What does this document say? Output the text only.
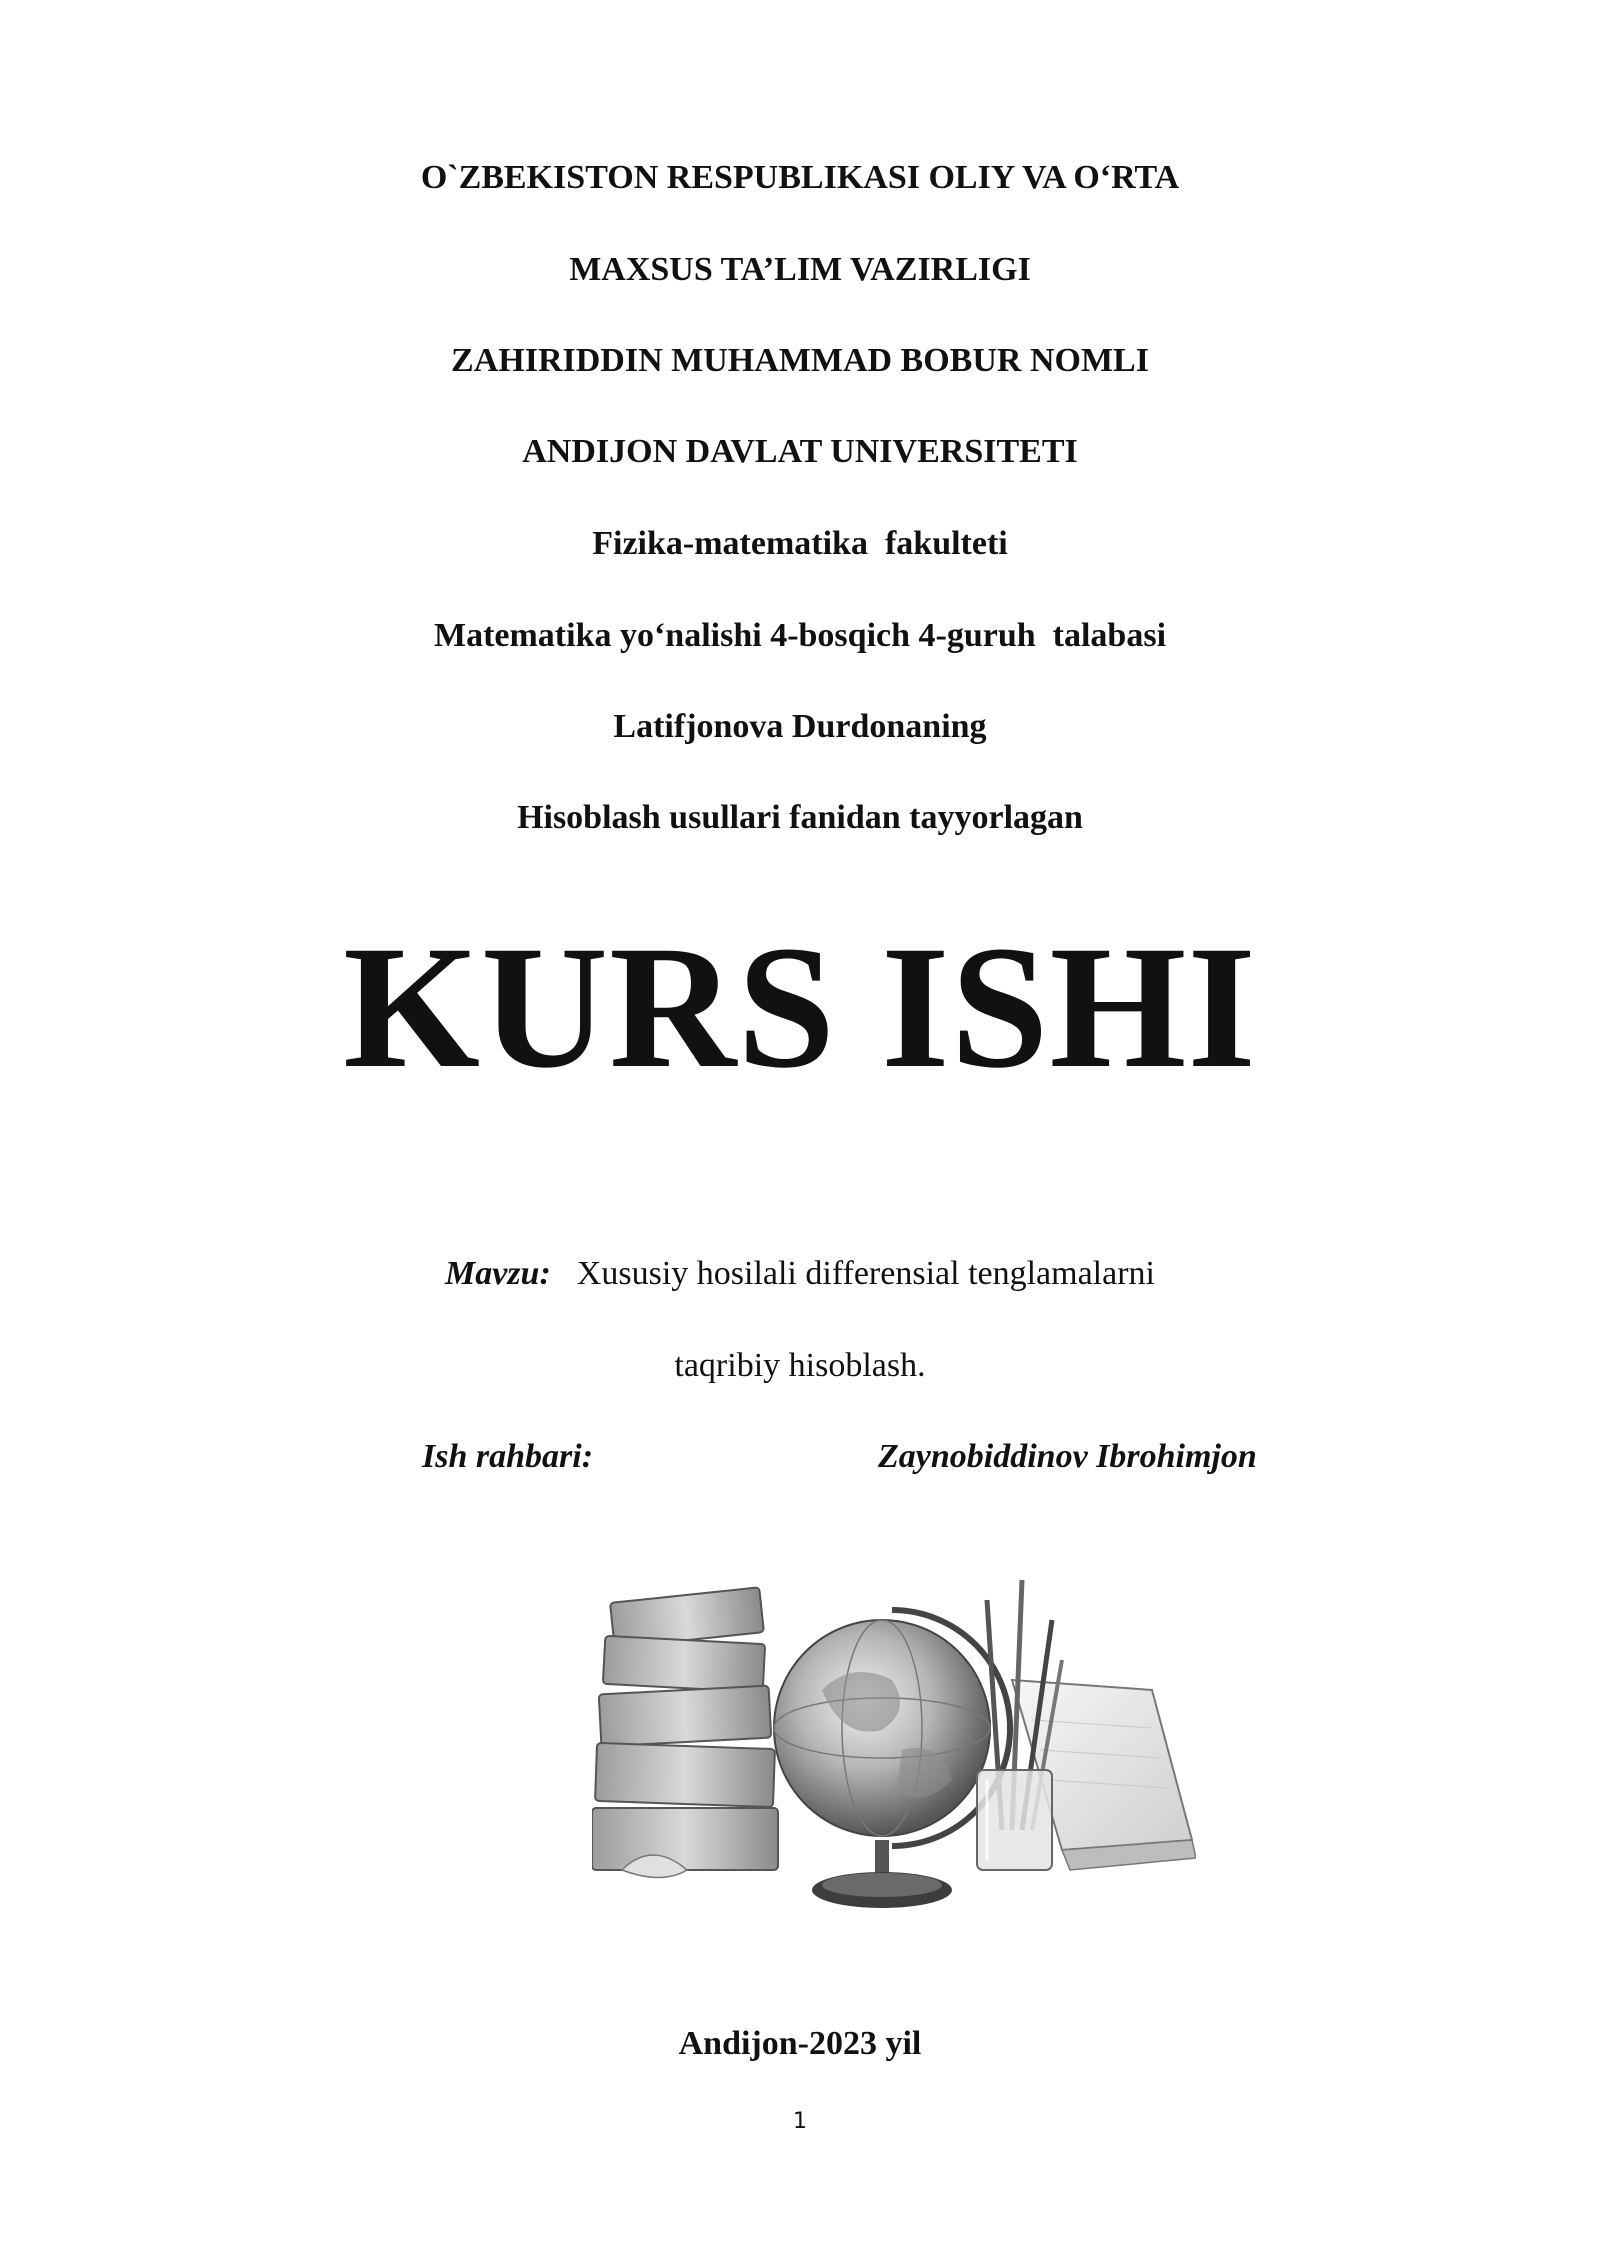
O`ZBEKISTON RESPUBLIKASI OLIY VA O‘RTA
MAXSUS TA’LIM VAZIRLIGI
ZAHIRIDDIN MUHAMMAD BOBUR NOMLI
ANDIJON DAVLAT UNIVERSITETI
Fizika-matematika  fakulteti
Matematika yo‘nalishi 4-bosqich 4-guruh  talabasi
Latifjonova Durdonaning
Hisoblash usullari fanidan tayyorlagan
KURS ISHI
Mavzu: Xususiy hosilali differensial tenglamalarni
taqribiy hisoblash.
Ish rahbari:	Zaynobiddinov Ibrohimjon
Andijon-2023 yil
1
